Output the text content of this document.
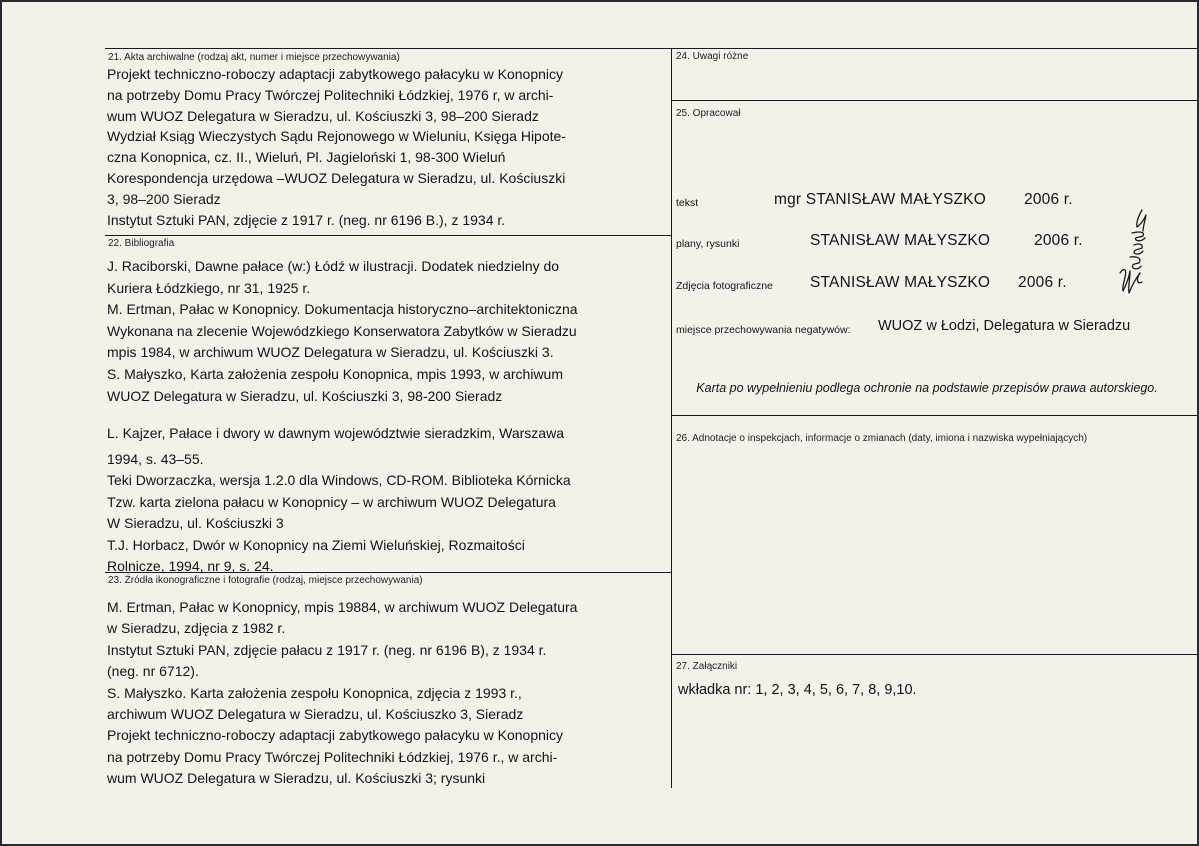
21. Akta archiwalne (rodzaj akt, numer i miejsce przechowywania)
Projekt techniczno-roboczy adaptacji zabytkowego pałacyku w Konopnicy
na potrzeby Domu Pracy Twórczej Politechniki Łódzkiej, 1976 r, w archi-
wum WUOZ Delegatura w Sieradzu, ul. Kościuszki 3, 98–200 Sieradz
Wydział Ksiąg Wieczystych Sądu Rejonowego w Wieluniu, Księga Hipote-
czna Konopnica, cz. II., Wieluń, Pl. Jagieloński 1, 98-300 Wieluń
Korespondencja urzędowa –WUOZ Delegatura w Sieradzu, ul. Kościuszki
3, 98–200 Sieradz
Instytut Sztuki PAN, zdjęcie z 1917 r. (neg. nr 6196 B.), z 1934 r.
22. Bibliografia
J. Raciborski, Dawne pałace (w:) Łódź w ilustracji. Dodatek niedzielny do
Kuriera Łódzkiego, nr 31, 1925 r.
M. Ertman, Pałac w Konopnicy. Dokumentacja historyczno–architektoniczna
Wykonana na zlecenie Wojewódzkiego Konserwatora Zabytków w Sieradzu
mpis 1984, w archiwum WUOZ Delegatura w Sieradzu, ul. Kościuszki 3.
S. Małyszko, Karta założenia zespołu Konopnica, mpis 1993, w archiwum
WUOZ Delegatura w Sieradzu, ul. Kościuszki 3, 98-200 Sieradz
L. Kajzer, Pałace i dwory w dawnym województwie sieradzkim, Warszawa
1994, s. 43–55.
Teki Dworzaczka, wersja 1.2.0 dla Windows, CD-ROM. Biblioteka Kórnicka
Tzw. karta zielona pałacu w Konopnicy – w archiwum WUOZ Delegatura
W Sieradzu, ul. Kościuszki 3
T.J. Horbacz, Dwór w Konopnicy na Ziemi Wieluńskiej, Rozmaitości
Rolnicze, 1994, nr 9, s. 24.
23. Źródła ikonograficzne i fotografie (rodzaj, miejsce przechowywania)
M. Ertman, Pałac w Konopnicy, mpis 19884, w archiwum WUOZ Delegatura
w Sieradzu, zdjęcia z 1982 r.
Instytut Sztuki PAN, zdjęcie pałacu z 1917 r. (neg. nr 6196 B), z 1934 r.
(neg. nr 6712).
S. Małyszko. Karta założenia zespołu Konopnica, zdjęcia z 1993 r.,
archiwum WUOZ Delegatura w Sieradzu, ul. Kościuszko 3, Sieradz
Projekt techniczno-roboczy adaptacji zabytkowego pałacyku w Konopnicy
na potrzeby Domu Pracy Twórczej Politechniki Łódzkiej, 1976 r., w archi-
wum WUOZ Delegatura w Sieradzu, ul. Kościuszki 3; rysunki
24. Uwagi różne
25. Opracował
tekst	mgr STANISŁAW MAŁYSZKO 2006 r.
plany, rysunki	STANISŁAW MAŁYSZKO	2006 r.
Zdjęcia fotograficzne STANISŁAW MAŁYSZKO 2006 r.
miejsce przechowywania negatywów: WUOZ w Łodzi, Delegatura w Sieradzu
Karta po wypełnieniu podlega ochronie na podstawie przepisów prawa autorskiego.
26. Adnotacje o inspekcjach, informacje o zmianach (daty, imiona i nazwiska wypełniających)
27. Załączniki
wkładka nr: 1, 2, 3, 4, 5, 6, 7, 8, 9,10.
